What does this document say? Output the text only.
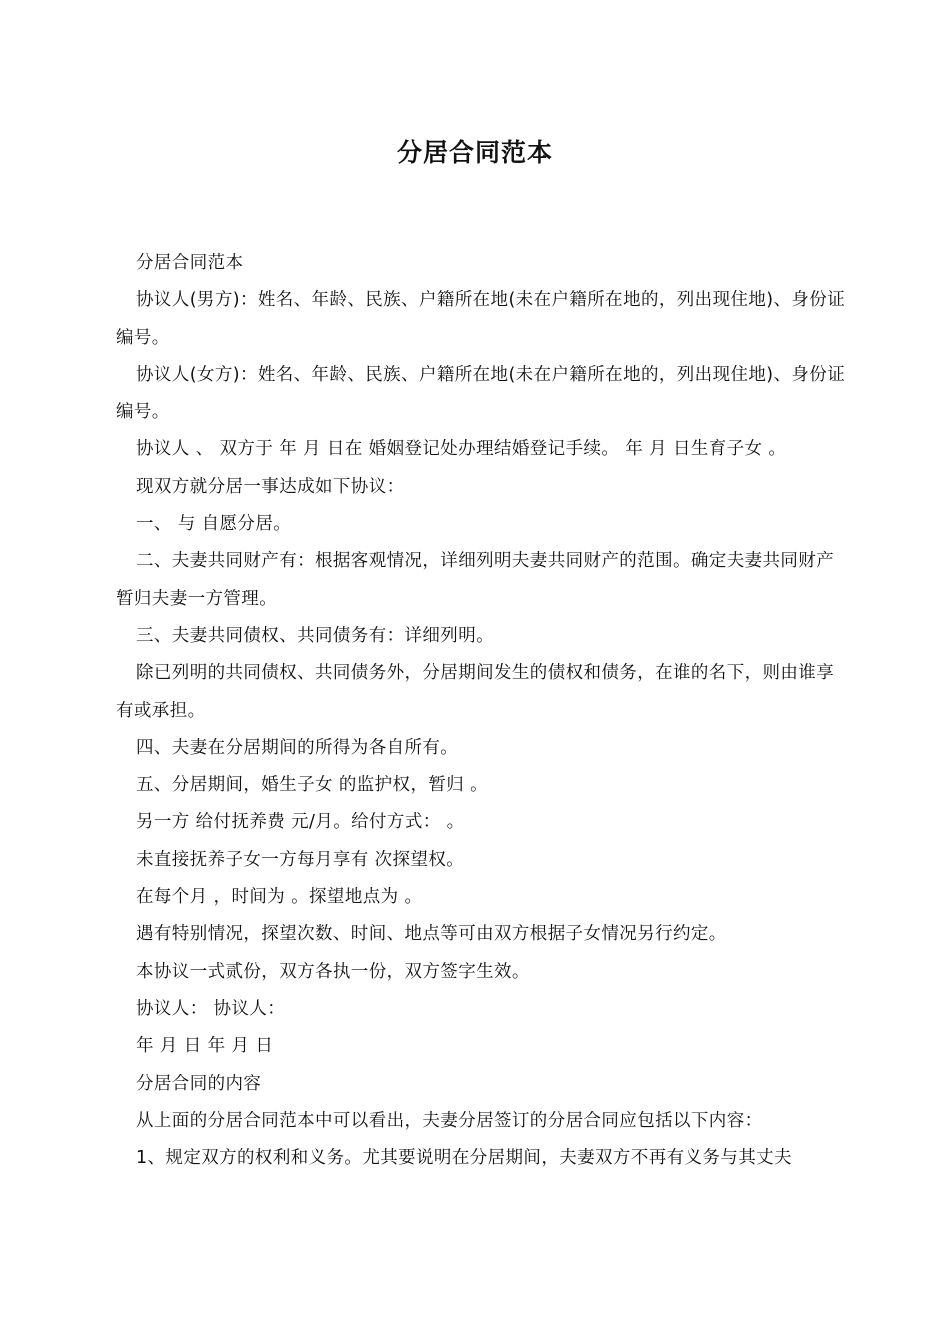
分居合同范本

分居合同范本

协议人(男方)：姓名、年龄、民族、户籍所在地(未在户籍所在地的，列出现住地)、身份证编号。

协议人(女方)：姓名、年龄、民族、户籍所在地(未在户籍所在地的，列出现住地)、身份证编号。

协议人 、 双方于 年 月 日在 婚姻登记处办理结婚登记手续。 年 月 日生育子女 。

现双方就分居一事达成如下协议：

一、 与 自愿分居。

二、夫妻共同财产有：根据客观情况，详细列明夫妻共同财产的范围。确定夫妻共同财产暂归夫妻一方管理。

三、夫妻共同债权、共同债务有：详细列明。

除已列明的共同债权、共同债务外，分居期间发生的债权和债务，在谁的名下，则由谁享有或承担。

四、夫妻在分居期间的所得为各自所有。

五、分居期间，婚生子女 的监护权，暂归 。

另一方 给付抚养费 元/月。给付方式： 。

未直接抚养子女一方每月享有 次探望权。

在每个月 ，时间为 。探望地点为 。

遇有特别情况，探望次数、时间、地点等可由双方根据子女情况另行约定。

本协议一式贰份，双方各执一份，双方签字生效。

协议人： 协议人：

年 月 日 年 月 日

分居合同的内容

从上面的分居合同范本中可以看出，夫妻分居签订的分居合同应包括以下内容：

1、规定双方的权利和义务。尤其要说明在分居期间，夫妻双方不再有义务与其丈夫
